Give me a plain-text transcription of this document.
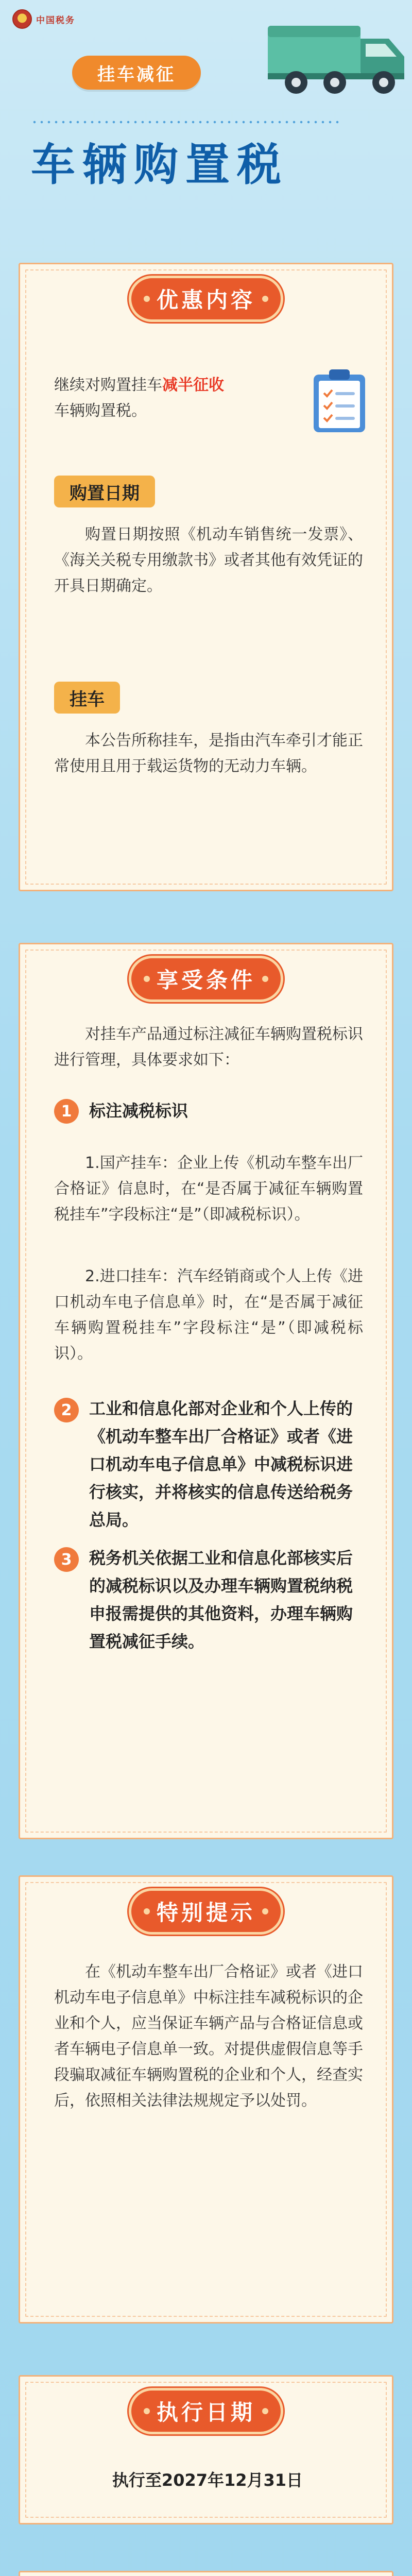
中国税务
挂车减征
车辆购置税
优惠内容
继续对购置挂车减半征收
车辆购置税。
购置日期
购置日期按照《机动车销售统一发票》、《海关关税专用缴款书》或者其他有效凭证的开具日期确定。
挂车
本公告所称挂车，是指由汽车牵引才能正常使用且用于载运货物的无动力车辆。
享受条件
对挂车产品通过标注减征车辆购置税标识进行管理，具体要求如下：
1	标注减税标识
1.国产挂车：企业上传《机动车整车出厂合格证》信息时，在“是否属于减征车辆购置税挂车”字段标注“是”（即减税标识）。
2.进口挂车：汽车经销商或个人上传《进口机动车电子信息单》时，在“是否属于减征车辆购置税挂车”字段标注“是”（即减税标识）。
2	工业和信息化部对企业和个人上传的《机动车整车出厂合格证》或者《进口机动车电子信息单》中减税标识进行核实，并将核实的信息传送给税务总局。
3	税务机关依据工业和信息化部核实后的减税标识以及办理车辆购置税纳税申报需提供的其他资料，办理车辆购置税减征手续。
特别提示
在《机动车整车出厂合格证》或者《进口机动车电子信息单》中标注挂车减税标识的企业和个人，应当保证车辆产品与合格证信息或者车辆电子信息单一致。对提供虚假信息等手段骗取减征车辆购置税的企业和个人，经查实后，依照相关法律法规规定予以处罚。
执行日期
执行至2027年12月31日
